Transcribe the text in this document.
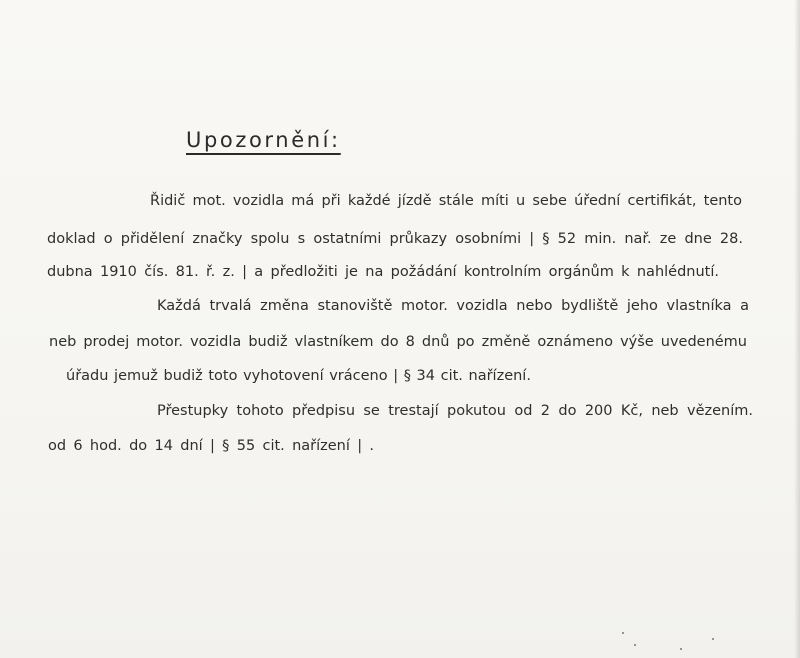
Upozornění:
Řidič mot. vozidla má při každé jízdě stále míti u sebe úřední certifikát, tento
doklad o přidělení značky spolu s ostatními průkazy osobními | § 52 min. nař. ze dne 28.
dubna 1910 čís. 81. ř. z. | a předložiti je na požádání kontrolním orgánům k nahlédnutí.
Každá trvalá změna stanoviště motor. vozidla nebo bydliště jeho vlastníka a
neb prodej motor. vozidla budiž vlastníkem do 8 dnů po změně oznámeno výše uvedenému
úřadu jemuž budiž toto vyhotovení vráceno | § 34 cit. nařízení.
Přestupky tohoto předpisu se trestají pokutou od 2 do 200 Kč, neb vězením.
od 6 hod. do 14 dní | § 55 cit. nařízení | .
